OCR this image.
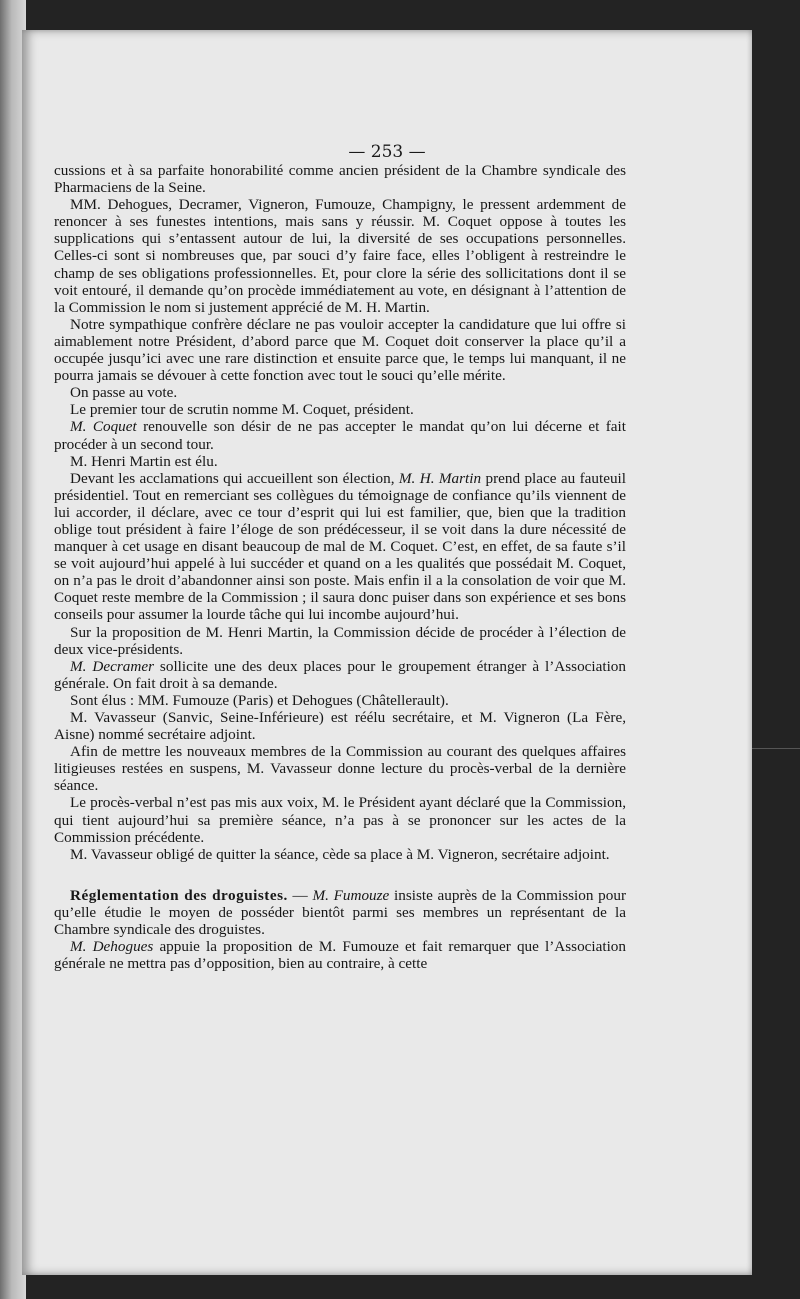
— 253 —

cussions et à sa parfaite honorabilité comme ancien président de la Chambre syndicale des Pharmaciens de la Seine.

MM. Dehogues, Decramer, Vigneron, Fumouze, Champigny, le pressent ardemment de renoncer à ses funestes intentions, mais sans y réussir. M. Coquet oppose à toutes les supplications qui s’entassent autour de lui, la diversité de ses occupations personnelles. Celles-ci sont si nombreuses que, par souci d’y faire face, elles l’obligent à restreindre le champ de ses obligations professionnelles. Et, pour clore la série des sollicitations dont il se voit entouré, il demande qu’on procède immédiatement au vote, en désignant à l’attention de la Commission le nom si justement apprécié de M. H. Martin.

Notre sympathique confrère déclare ne pas vouloir accepter la candidature que lui offre si aimablement notre Président, d’abord parce que M. Coquet doit conserver la place qu’il a occupée jusqu’ici avec une rare distinction et ensuite parce que, le temps lui manquant, il ne pourra jamais se dévouer à cette fonction avec tout le souci qu’elle mérite.

On passe au vote.

Le premier tour de scrutin nomme M. Coquet, président.

M. Coquet renouvelle son désir de ne pas accepter le mandat qu’on lui décerne et fait procéder à un second tour.

M. Henri Martin est élu.

Devant les acclamations qui accueillent son élection, M. H. Martin prend place au fauteuil présidentiel. Tout en remerciant ses collègues du témoignage de confiance qu’ils viennent de lui accorder, il déclare, avec ce tour d’esprit qui lui est familier, que, bien que la tradition oblige tout président à faire l’éloge de son prédécesseur, il se voit dans la dure nécessité de manquer à cet usage en disant beaucoup de mal de M. Coquet. C’est, en effet, de sa faute s’il se voit aujourd’hui appelé à lui succéder et quand on a les qualités que possédait M. Coquet, on n’a pas le droit d’abandonner ainsi son poste. Mais enfin il a la consolation de voir que M. Coquet reste membre de la Commission ; il saura donc puiser dans son expérience et ses bons conseils pour assumer la lourde tâche qui lui incombe aujourd’hui.

Sur la proposition de M. Henri Martin, la Commission décide de procéder à l’élection de deux vice-présidents.

M. Decramer sollicite une des deux places pour le groupement étranger à l’Association générale. On fait droit à sa demande.

Sont élus : MM. Fumouze (Paris) et Dehogues (Châtellerault).

M. Vavasseur (Sanvic, Seine-Inférieure) est réélu secrétaire, et M. Vigneron (La Fère, Aisne) nommé secrétaire adjoint.

Afin de mettre les nouveaux membres de la Commission au courant des quelques affaires litigieuses restées en suspens, M. Vavasseur donne lecture du procès-verbal de la dernière séance.

Le procès-verbal n’est pas mis aux voix, M. le Président ayant déclaré que la Commission, qui tient aujourd’hui sa première séance, n’a pas à se prononcer sur les actes de la Commission précédente.

M. Vavasseur obligé de quitter la séance, cède sa place à M. Vigneron, secrétaire adjoint.

Réglementation des droguistes. — M. Fumouze insiste auprès de la Commission pour qu’elle étudie le moyen de posséder bientôt parmi ses membres un représentant de la Chambre syndicale des droguistes.

M. Dehogues appuie la proposition de M. Fumouze et fait remarquer que l’Association générale ne mettra pas d’opposition, bien au contraire, à cette
